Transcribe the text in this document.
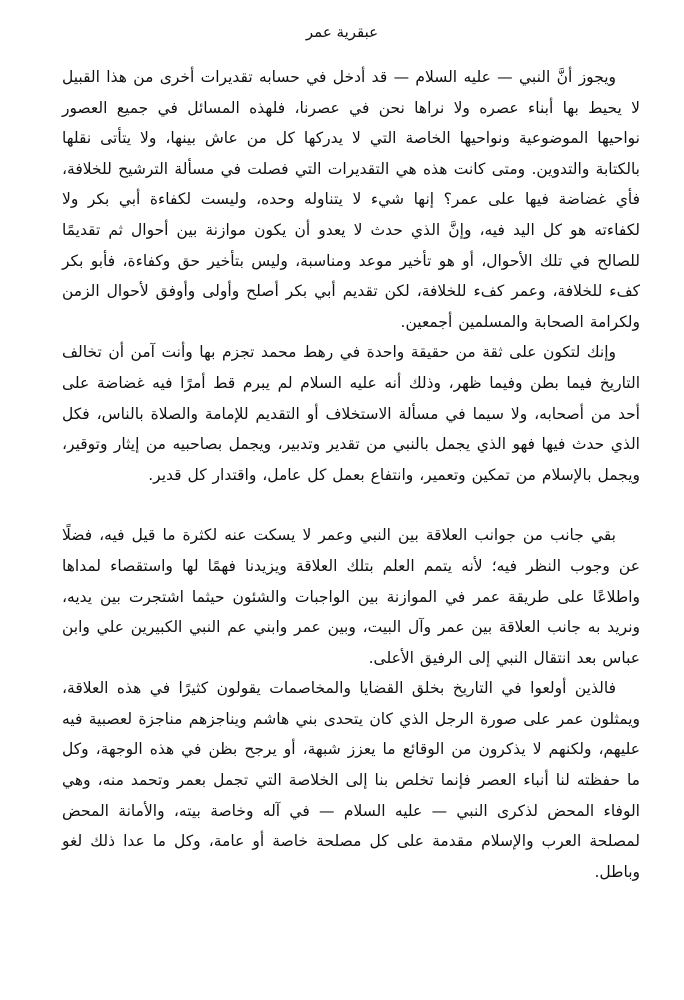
عبقرية عمر

ويجوز أنَّ النبي — عليه السلام — قد أدخل في حسابه تقديرات أخرى من هذا القبيل لا يحيط بها أبناء عصره ولا نراها نحن في عصرنا، فلهذه المسائل في جميع العصور نواحيها الموضوعية ونواحيها الخاصة التي لا يدركها كل من عاش بينها، ولا يتأتى نقلها بالكتابة والتدوين. ومتى كانت هذه هي التقديرات التي فصلت في مسألة الترشيح للخلافة، فأي غضاضة فيها على عمر؟ إنها شيء لا يتناوله وحده، وليست لكفاءة أبي بكر ولا لكفاءته هو كل اليد فيه، وإنَّ الذي حدث لا يعدو أن يكون موازنة بين أحوال ثم تقديمًا للصالح في تلك الأحوال، أو هو تأخير موعد ومناسبة، وليس بتأخير حق وكفاءة، فأبو بكر كفء للخلافة، وعمر كفء للخلافة، لكن تقديم أبي بكر أصلح وأولى وأوفق لأحوال الزمن ولكرامة الصحابة والمسلمين أجمعين.

وإنك لتكون على ثقة من حقيقة واحدة في رهط محمد تجزم بها وأنت آمن أن تخالف التاريخ فيما بطن وفيما ظهر، وذلك أنه عليه السلام لم يبرم قط أمرًا فيه غضاضة على أحد من أصحابه، ولا سيما في مسألة الاستخلاف أو التقديم للإمامة والصلاة بالناس، فكل الذي حدث فيها فهو الذي يجمل بالنبي من تقدير وتدبير، ويجمل بصاحبيه من إيثار وتوقير، ويجمل بالإسلام من تمكين وتعمير، وانتفاع بعمل كل عامل، واقتدار كل قدير.

بقي جانب من جوانب العلاقة بين النبي وعمر لا يسكت عنه لكثرة ما قيل فيه، فضلًا عن وجوب النظر فيه؛ لأنه يتمم العلم بتلك العلاقة ويزيدنا فهمًا لها واستقصاء لمداها واطلاعًا على طريقة عمر في الموازنة بين الواجبات والشئون حيثما اشتجرت بين يديه، ونريد به جانب العلاقة بين عمر وآل البيت، وبين عمر وابني عم النبي الكبيرين علي وابن عباس بعد انتقال النبي إلى الرفيق الأعلى.

فالذين أولعوا في التاريخ بخلق القضايا والمخاصمات يقولون كثيرًا في هذه العلاقة، ويمثلون عمر على صورة الرجل الذي كان يتحدى بني هاشم ويناجزهم مناجزة لعصبية فيه عليهم، ولكنهم لا يذكرون من الوقائع ما يعزز شبهة، أو يرجح بظن في هذه الوجهة، وكل ما حفظته لنا أنباء العصر فإنما تخلص بنا إلى الخلاصة التي تجمل بعمر وتحمد منه، وهي الوفاء المحض لذكرى النبي — عليه السلام — في آله وخاصة بيته، والأمانة المحض لمصلحة العرب والإسلام مقدمة على كل مصلحة خاصة أو عامة، وكل ما عدا ذلك لغو وباطل.
